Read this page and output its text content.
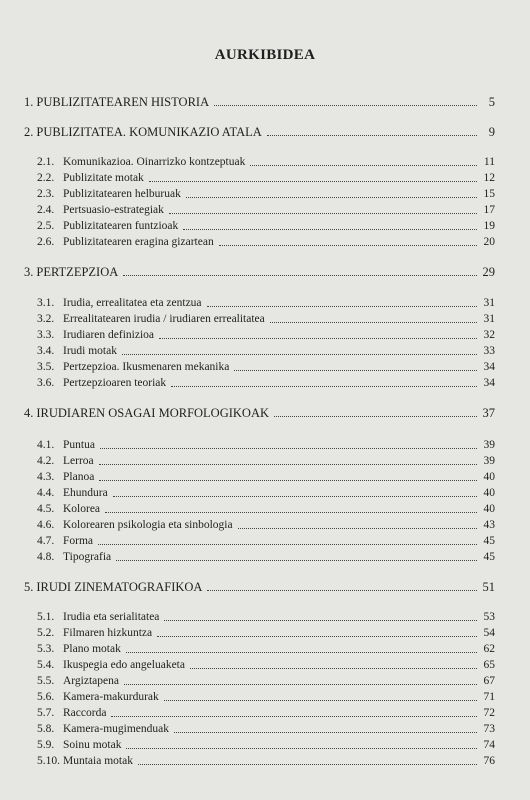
AURKIBIDEA
1. PUBLIZITATEAREN HISTORIA	5
2. PUBLIZITATEA. KOMUNIKAZIO ATALA	9
2.1. Komunikazioa. Oinarrizko kontzeptuak	11
2.2. Publizitate motak	12
2.3. Publizitatearen helburuak	15
2.4. Pertsuasio-estrategiak	17
2.5. Publizitatearen funtzioak	19
2.6. Publizitatearen eragina gizartean	20
3. PERTZEPZIOA	29
3.1. Irudia, errealitatea eta zentzua	31
3.2. Errealitatearen irudia / irudiaren errealitatea	31
3.3. Irudiaren definizioa	32
3.4. Irudi motak	33
3.5. Pertzepzioa. Ikusmenaren mekanika	34
3.6. Pertzepzioaren teoriak	34
4. IRUDIAREN OSAGAI MORFOLOGIKOAK	37
4.1. Puntua	39
4.2. Lerroa	39
4.3. Planoa	40
4.4. Ehundura	40
4.5. Kolorea	40
4.6. Kolorearen psikologia eta sinbologia	43
4.7. Forma	45
4.8. Tipografia	45
5. IRUDI ZINEMATOGRAFIKOA	51
5.1. Irudia eta serialitatea	53
5.2. Filmaren hizkuntza	54
5.3. Plano motak	62
5.4. Ikuspegia edo angeluaketa	65
5.5. Argiztapena	67
5.6. Kamera-makurdurak	71
5.7. Raccorda	72
5.8. Kamera-mugimenduak	73
5.9. Soinu motak	74
5.10. Muntaia motak	76
